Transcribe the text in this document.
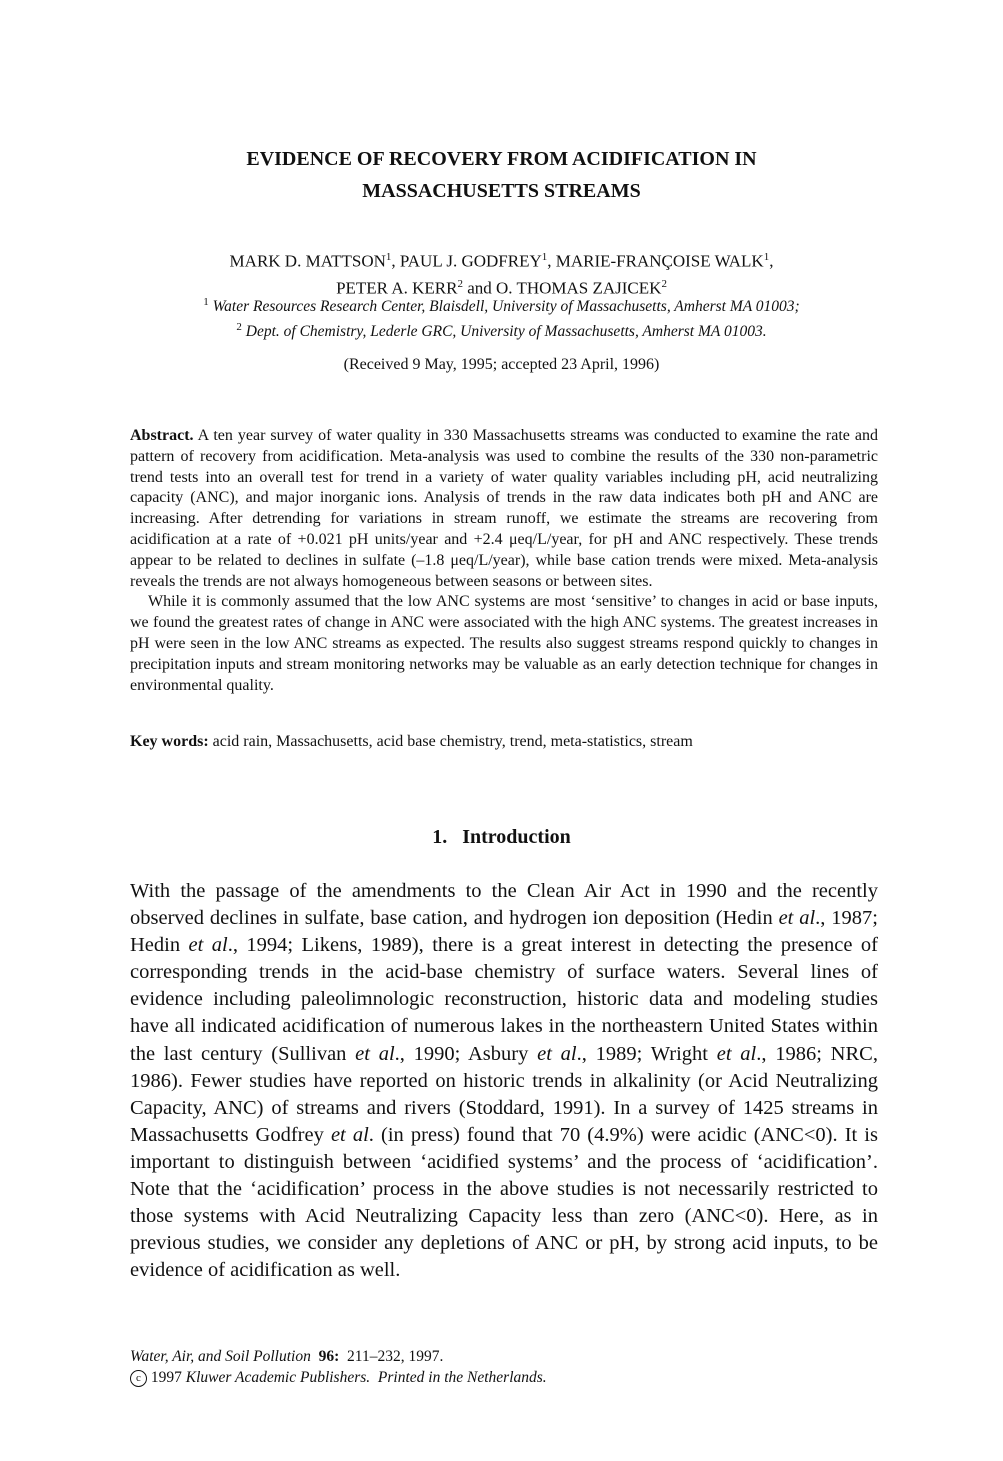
EVIDENCE OF RECOVERY FROM ACIDIFICATION IN
MASSACHUSETTS STREAMS
MARK D. MATTSON$^1$, PAUL J. GODFREY$^1$, MARIE-FRANÇOISE WALK$^1$,
PETER A. KERR$^2$ and O. THOMAS ZAJICEK$^2$
$^1$ Water Resources Research Center, Blaisdell, University of Massachusetts, Amherst MA 01003;
$^2$ Dept. of Chemistry, Lederle GRC, University of Massachusetts, Amherst MA 01003.
(Received 9 May, 1995; accepted 23 April, 1996)

Abstract. A ten year survey of water quality in 330 Massachusetts streams was conducted to examine the rate and pattern of recovery from acidification. Meta-analysis was used to combine the results of the 330 non-parametric trend tests into an overall test for trend in a variety of water quality variables including pH, acid neutralizing capacity (ANC), and major inorganic ions. Analysis of trends in the raw data indicates both pH and ANC are increasing. After detrending for variations in stream runoff, we estimate the streams are recovering from acidification at a rate of +0.021 pH units/year and +2.4 μeq/L/year, for pH and ANC respectively. These trends appear to be related to declines in sulfate (–1.8 μeq/L/year), while base cation trends were mixed. Meta-analysis reveals the trends are not always homogeneous between seasons or between sites.

While it is commonly assumed that the low ANC systems are most ‘sensitive’ to changes in acid or base inputs, we found the greatest rates of change in ANC were associated with the high ANC systems. The greatest increases in pH were seen in the low ANC streams as expected. The results also suggest streams respond quickly to changes in precipitation inputs and stream monitoring networks may be valuable as an early detection technique for changes in environmental quality.

Key words: acid rain, Massachusetts, acid base chemistry, trend, meta-statistics, stream
1. Introduction

With the passage of the amendments to the Clean Air Act in 1990 and the recently observed declines in sulfate, base cation, and hydrogen ion deposition (Hedin et al., 1987; Hedin et al., 1994; Likens, 1989), there is a great interest in detecting the presence of corresponding trends in the acid-base chemistry of surface waters. Several lines of evidence including paleolimnologic reconstruction, historic data and modeling studies have all indicated acidification of numerous lakes in the northeastern United States within the last century (Sullivan et al., 1990; Asbury et al., 1989; Wright et al., 1986; NRC, 1986). Fewer studies have reported on historic trends in alkalinity (or Acid Neutralizing Capacity, ANC) of streams and rivers (Stoddard, 1991). In a survey of 1425 streams in Massachusetts Godfrey et al. (in press) found that 70 (4.9%) were acidic (ANC<0). It is important to distinguish between ‘acidified systems’ and the process of ‘acidification’. Note that the ‘acidification’ process in the above studies is not necessarily restricted to those systems with Acid Neutralizing Capacity less than zero (ANC<0). Here, as in previous studies, we consider any depletions of ANC or pH, by strong acid inputs, to be evidence of acidification as well.

Water, Air, and Soil Pollution 96: 211–232, 1997.
c 1997 Kluwer Academic Publishers. Printed in the Netherlands.
